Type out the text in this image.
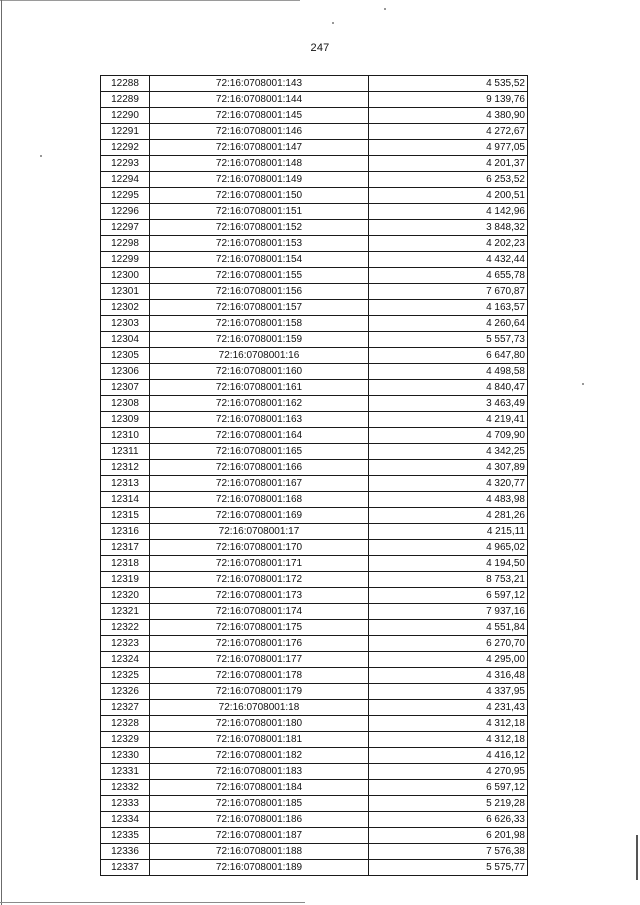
247
12288	72:16:0708001:143	4 535,52
12289	72:16:0708001:144	9 139,76
12290	72:16:0708001:145	4 380,90
12291	72:16:0708001:146	4 272,67
12292	72:16:0708001:147	4 977,05
12293	72:16:0708001:148	4 201,37
12294	72:16:0708001:149	6 253,52
12295	72:16:0708001:150	4 200,51
12296	72:16:0708001:151	4 142,96
12297	72:16:0708001:152	3 848,32
12298	72:16:0708001:153	4 202,23
12299	72:16:0708001:154	4 432,44
12300	72:16:0708001:155	4 655,78
12301	72:16:0708001:156	7 670,87
12302	72:16:0708001:157	4 163,57
12303	72:16:0708001:158	4 260,64
12304	72:16:0708001:159	5 557,73
12305	72:16:0708001:16	6 647,80
12306	72:16:0708001:160	4 498,58
12307	72:16:0708001:161	4 840,47
12308	72:16:0708001:162	3 463,49
12309	72:16:0708001:163	4 219,41
12310	72:16:0708001:164	4 709,90
12311	72:16:0708001:165	4 342,25
12312	72:16:0708001:166	4 307,89
12313	72:16:0708001:167	4 320,77
12314	72:16:0708001:168	4 483,98
12315	72:16:0708001:169	4 281,26
12316	72:16:0708001:17	4 215,11
12317	72:16:0708001:170	4 965,02
12318	72:16:0708001:171	4 194,50
12319	72:16:0708001:172	8 753,21
12320	72:16:0708001:173	6 597,12
12321	72:16:0708001:174	7 937,16
12322	72:16:0708001:175	4 551,84
12323	72:16:0708001:176	6 270,70
12324	72:16:0708001:177	4 295,00
12325	72:16:0708001:178	4 316,48
12326	72:16:0708001:179	4 337,95
12327	72:16:0708001:18	4 231,43
12328	72:16:0708001:180	4 312,18
12329	72:16:0708001:181	4 312,18
12330	72:16:0708001:182	4 416,12
12331	72:16:0708001:183	4 270,95
12332	72:16:0708001:184	6 597,12
12333	72:16:0708001:185	5 219,28
12334	72:16:0708001:186	6 626,33
12335	72:16:0708001:187	6 201,98
12336	72:16:0708001:188	7 576,38
12337	72:16:0708001:189	5 575,77
